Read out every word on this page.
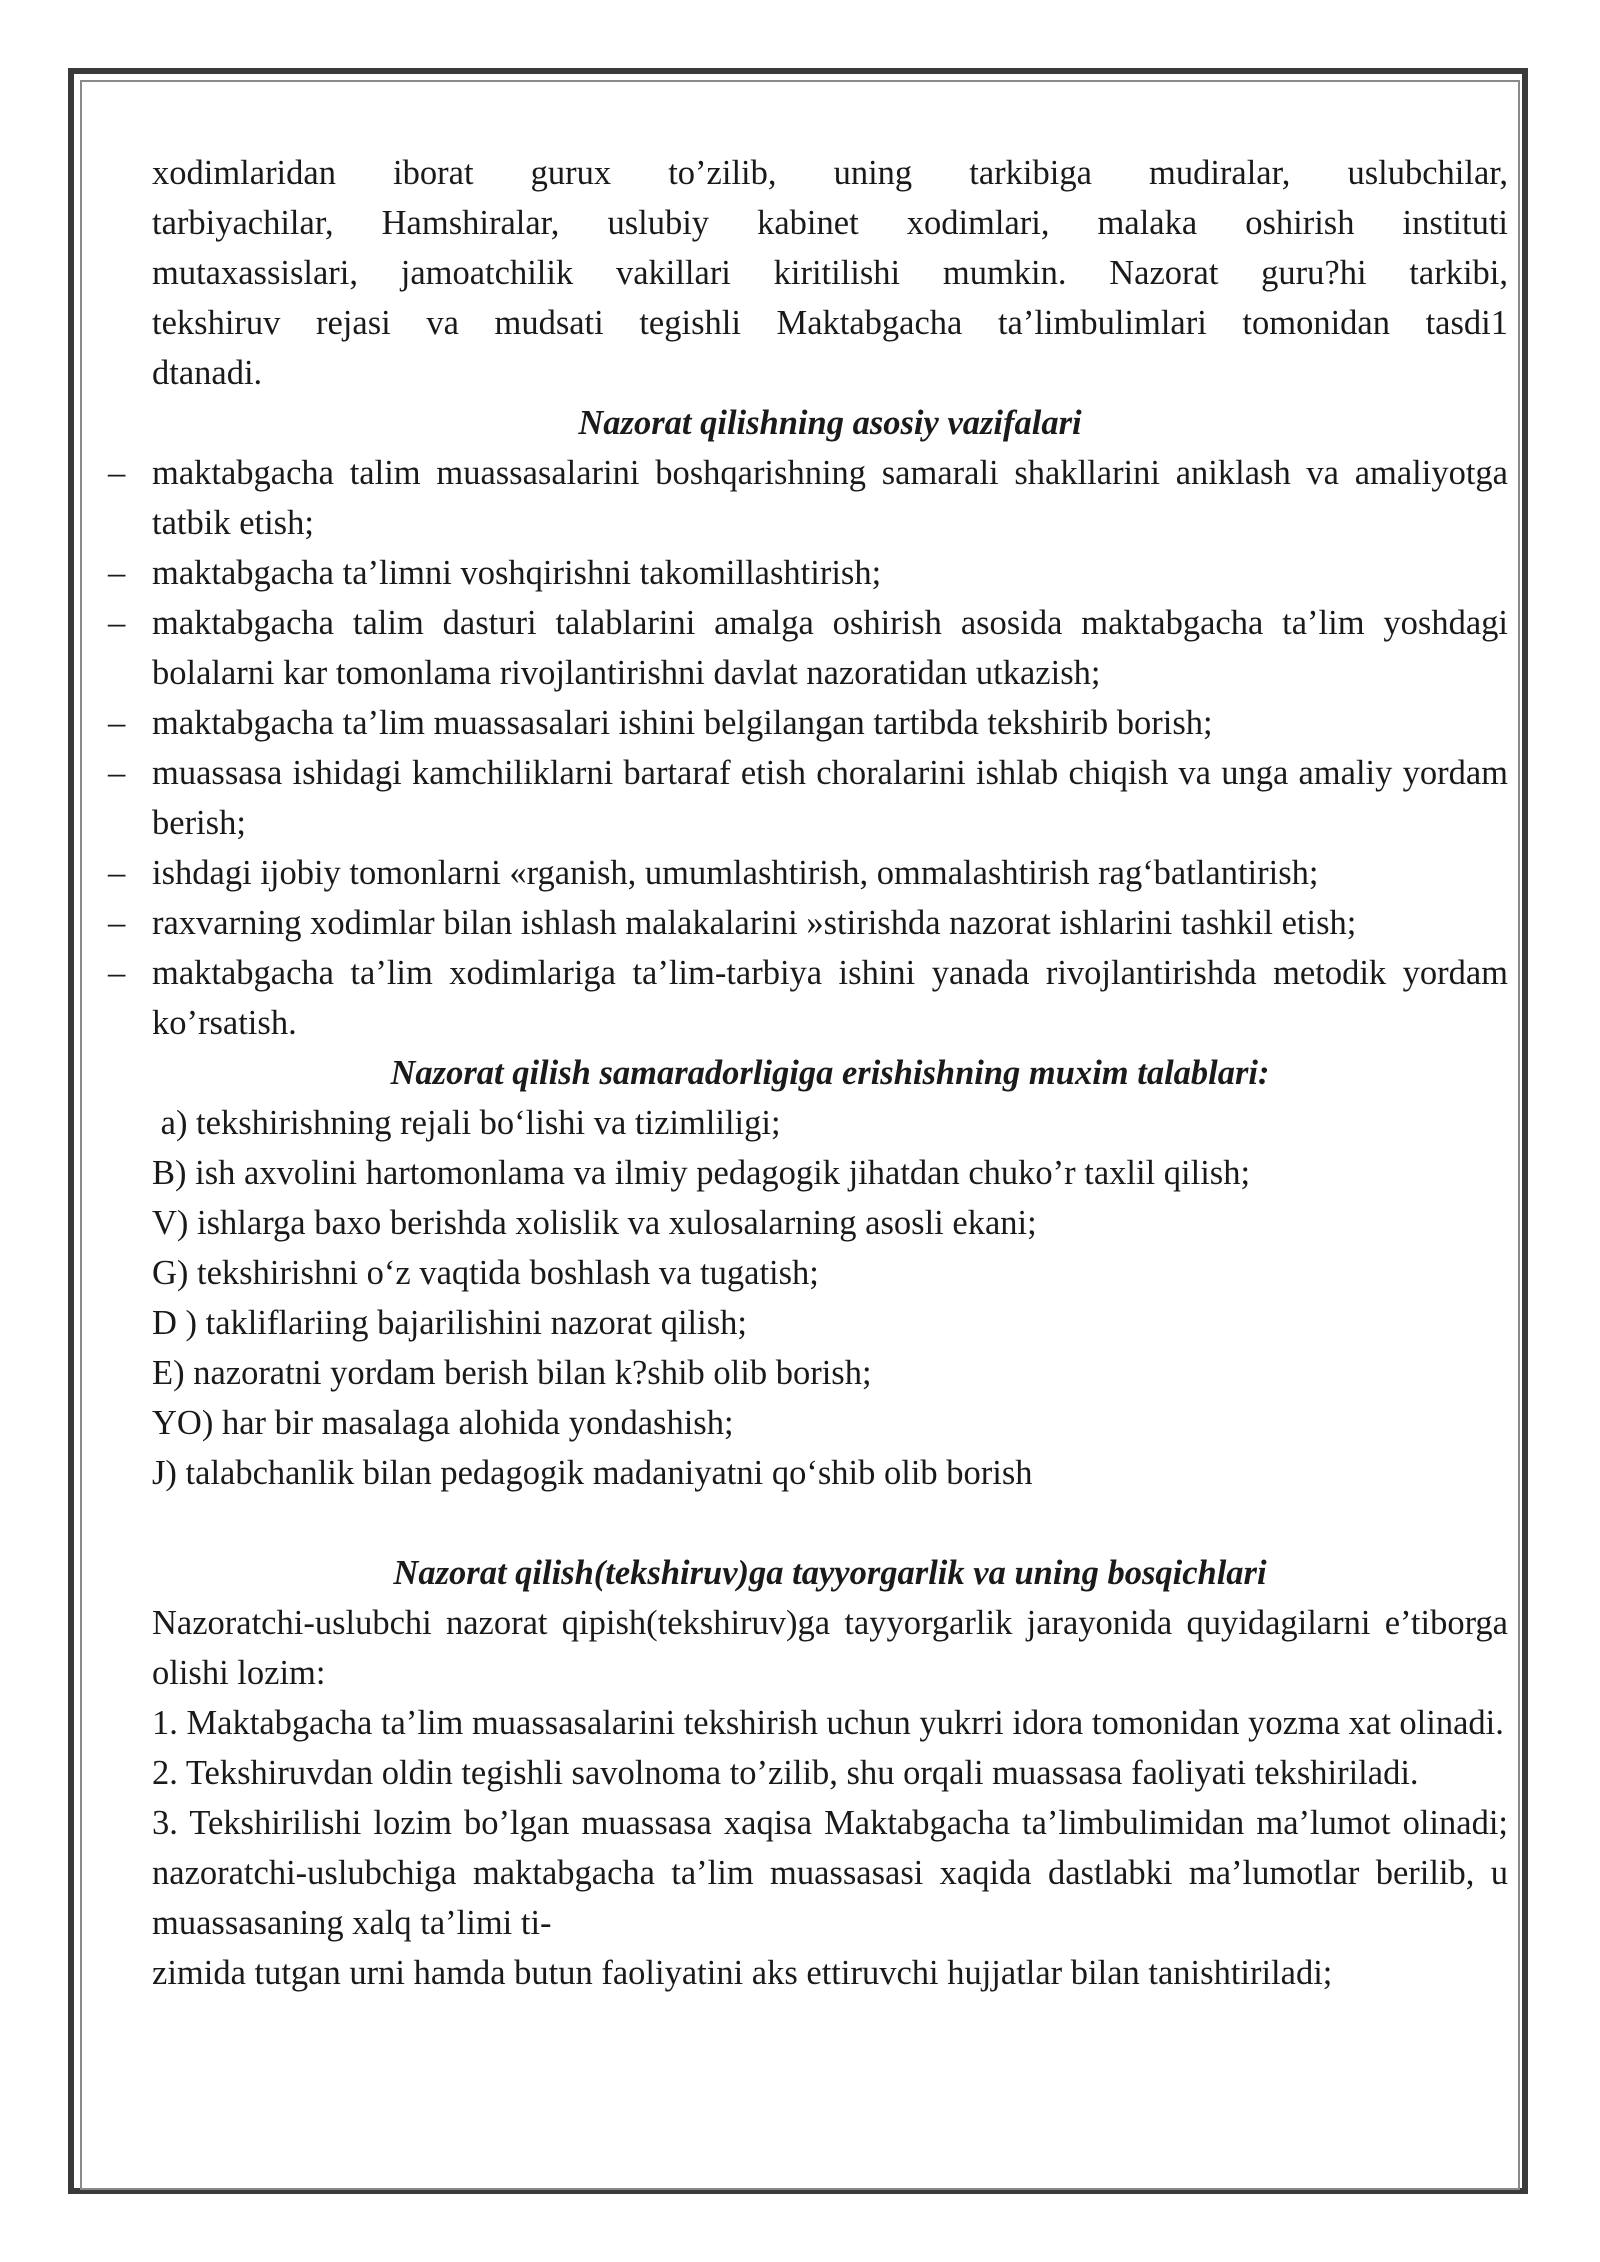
xodimlaridan iborat gurux to’zilib, uning tarkibiga mudiralar, uslubchilar,

tarbiyachilar, Hamshiralar, uslubiy kabinet xodimlari, malaka oshirish instituti

mutaxassislari, jamoatchilik vakillari kiritilishi mumkin. Nazorat guru?hi tarkibi,

tekshiruv rejasi va mudsati tegishli Maktabgacha ta’limbulimlari tomonidan tasdi1

dtanadi.

Nazorat qilishning asosiy vazifalari

– maktabgacha talim muassasalarini boshqarishning samarali shakllarini aniklash va amaliyotga tatbik etish;

– maktabgacha ta’limni voshqirishni takomillashtirish;

– maktabgacha talim dasturi talablarini amalga oshirish asosida maktabgacha ta’lim yoshdagi bolalarni kar tomonlama rivojlantirishni davlat nazoratidan utkazish;

– maktabgacha ta’lim muassasalari ishini belgilangan tartibda tekshirib borish;

– muassasa ishidagi kamchiliklarni bartaraf etish choralarini ishlab chiqish va unga amaliy yordam berish;

– ishdagi ijobiy tomonlarni «rganish, umumlashtirish, ommalashtirish rag‘batlantirish;

– raxvarning xodimlar bilan ishlash malakalarini »stirishda nazorat ishlarini tashkil etish;

– maktabgacha ta’lim xodimlariga ta’lim-tarbiya ishini yanada rivojlantirishda metodik yordam ko’rsatish.

Nazorat qilish samaradorligiga erishishning muxim talablari:

a) tekshirishning rejali bo‘lishi va tizimliligi;

B) ish axvolini hartomonlama va ilmiy pedagogik jihatdan chuko’r taxlil qilish;

V) ishlarga baxo berishda xolislik va xulosalarning asosli ekani;

G) tekshirishni o‘z vaqtida boshlash va tugatish;

D ) takliflariing bajarilishini nazorat qilish;

E) nazoratni yordam berish bilan k?shib olib borish;

YO) har bir masalaga alohida yondashish;

J) talabchanlik bilan pedagogik madaniyatni qo‘shib olib borish

Nazorat qilish(tekshiruv)ga tayyorgarlik va uning bosqichlari

Nazoratchi-uslubchi nazorat qipish(tekshiruv)ga tayyorgarlik jarayonida quyidagilarni e’tiborga olishi lozim:

1. Maktabgacha ta’lim muassasalarini tekshirish uchun yukrri idora tomonidan yozma xat olinadi.

2. Tekshiruvdan oldin tegishli savolnoma to’zilib, shu orqali muassasa faoliyati tekshiriladi.

3. Tekshirilishi lozim bo’lgan muassasa xaqisa Maktabgacha ta’limbulimidan ma’lumot olinadi; nazoratchi-uslubchiga maktabgacha ta’lim muassasasi xaqida dastlabki ma’lumotlar berilib, u muassasaning xalq ta’limi ti-

zimida tutgan urni hamda butun faoliyatini aks ettiruvchi hujjatlar bilan tanishtiriladi;
